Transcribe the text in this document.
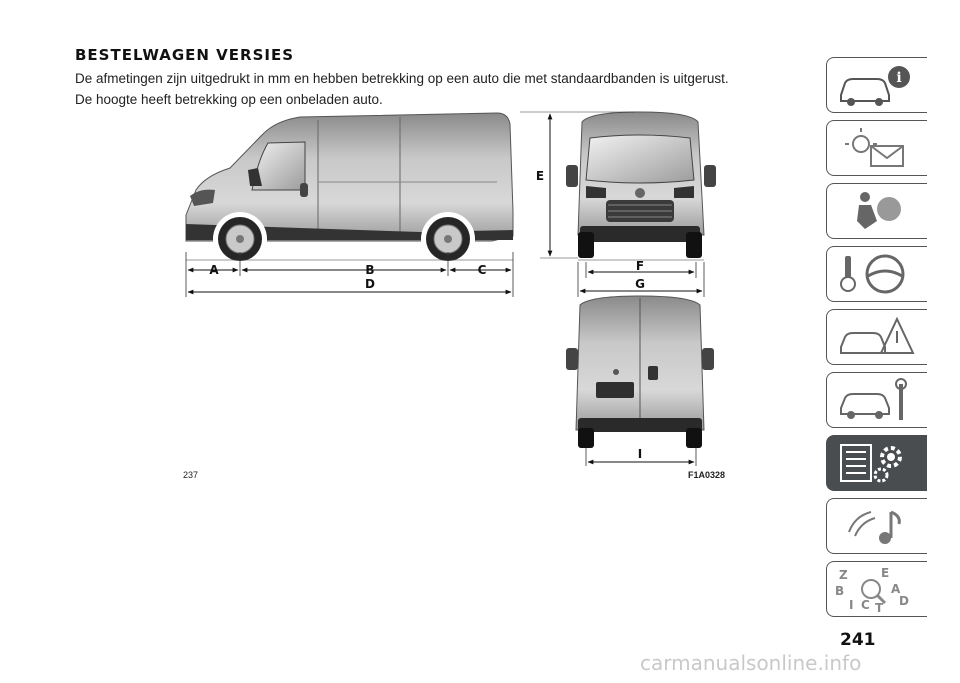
BESTELWAGEN VERSIES
De afmetingen zijn uitgedrukt in mm en hebben betrekking op een auto die met standaardbanden is uitgerust.
De hoogte heeft betrekking op een onbeladen auto.
A	B	C
D
E
F
G
I
237	F1A0328
i
Z	E
B	A
I C T D
241
carmanualsonline.info
